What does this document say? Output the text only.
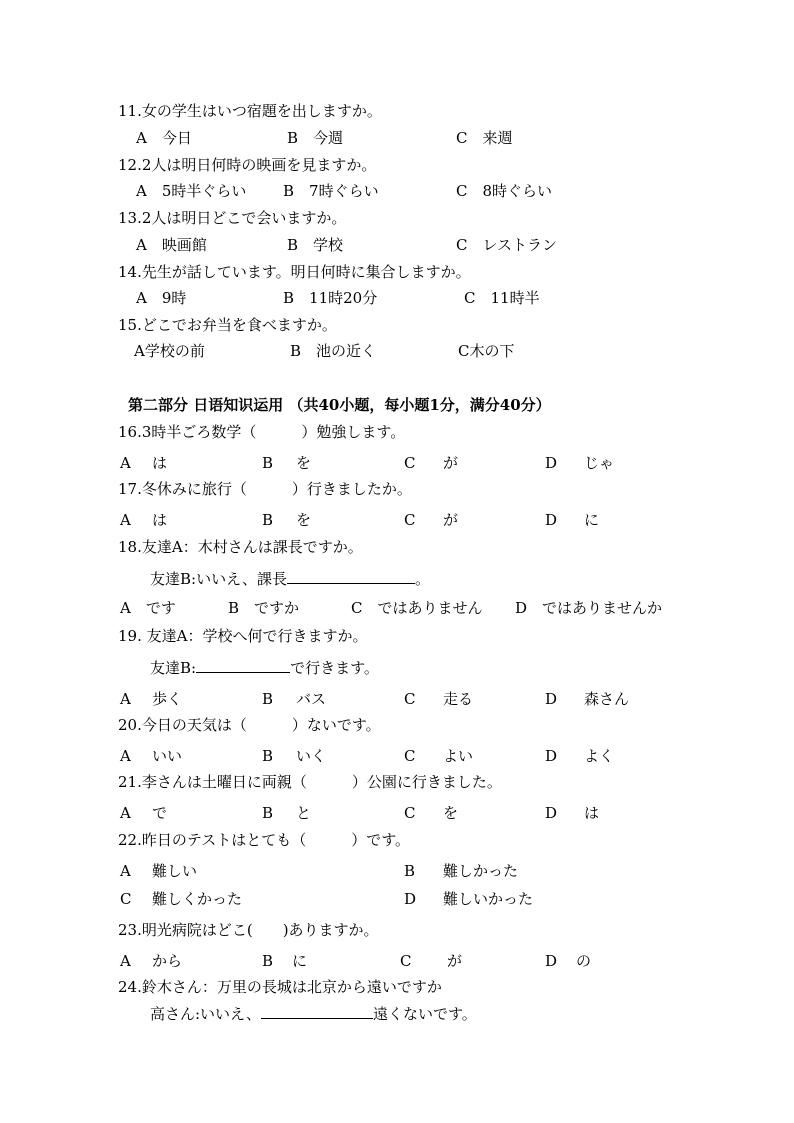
11.女の学生はいつ宿題を出しますか。
A　今日	B　今週	C　来週
12.2人は明日何時の映画を見ますか。
A　5時半ぐらい B　7時ぐらい	C　8時ぐらい
13.2人は明日どこで会いますか。
A　映画館	B　学校	C　レストラン
14.先生が話しています。明日何時に集合しますか。
A　9時	B　11時20分	C　11時半
15.どこでお弁当を食べますか。
A学校の前	B　池の近く	C木の下
第二部分 日语知识运用 （共40小题，每小题1分，满分40分）
16.3時半ごろ数学（　　　）勉強します。
A は	B を	C が	D じゃ
17.冬休みに旅行（　　　）行きましたか。
A は	B を	C が	D に
18.友達A：木村さんは課長ですか。
友達B:いいえ、課長	。
A　です	B　ですか	C　ではありません D　ではありませんか
19. 友達A：学校へ何で行きますか。
友達B:	で行きます。
A 歩く	B バス	C 走る	D 森さん
20.今日の天気は（　　　）ないです。
A いい	B いく	C よい	D よく
21.李さんは土曜日に両親（　　　）公園に行きました。
A で	B と	C を	D は
22.昨日のテストはとても（　　　）です。
A 難しい	B 難しかった
C 難しくかった	D 難しいかった
23.明光病院はどこ(　　)ありますか。
A から	B に	C が	D の
24.鈴木さん：万里の長城は北京から遠いですか
高さん:いいえ、	遠くないです。
